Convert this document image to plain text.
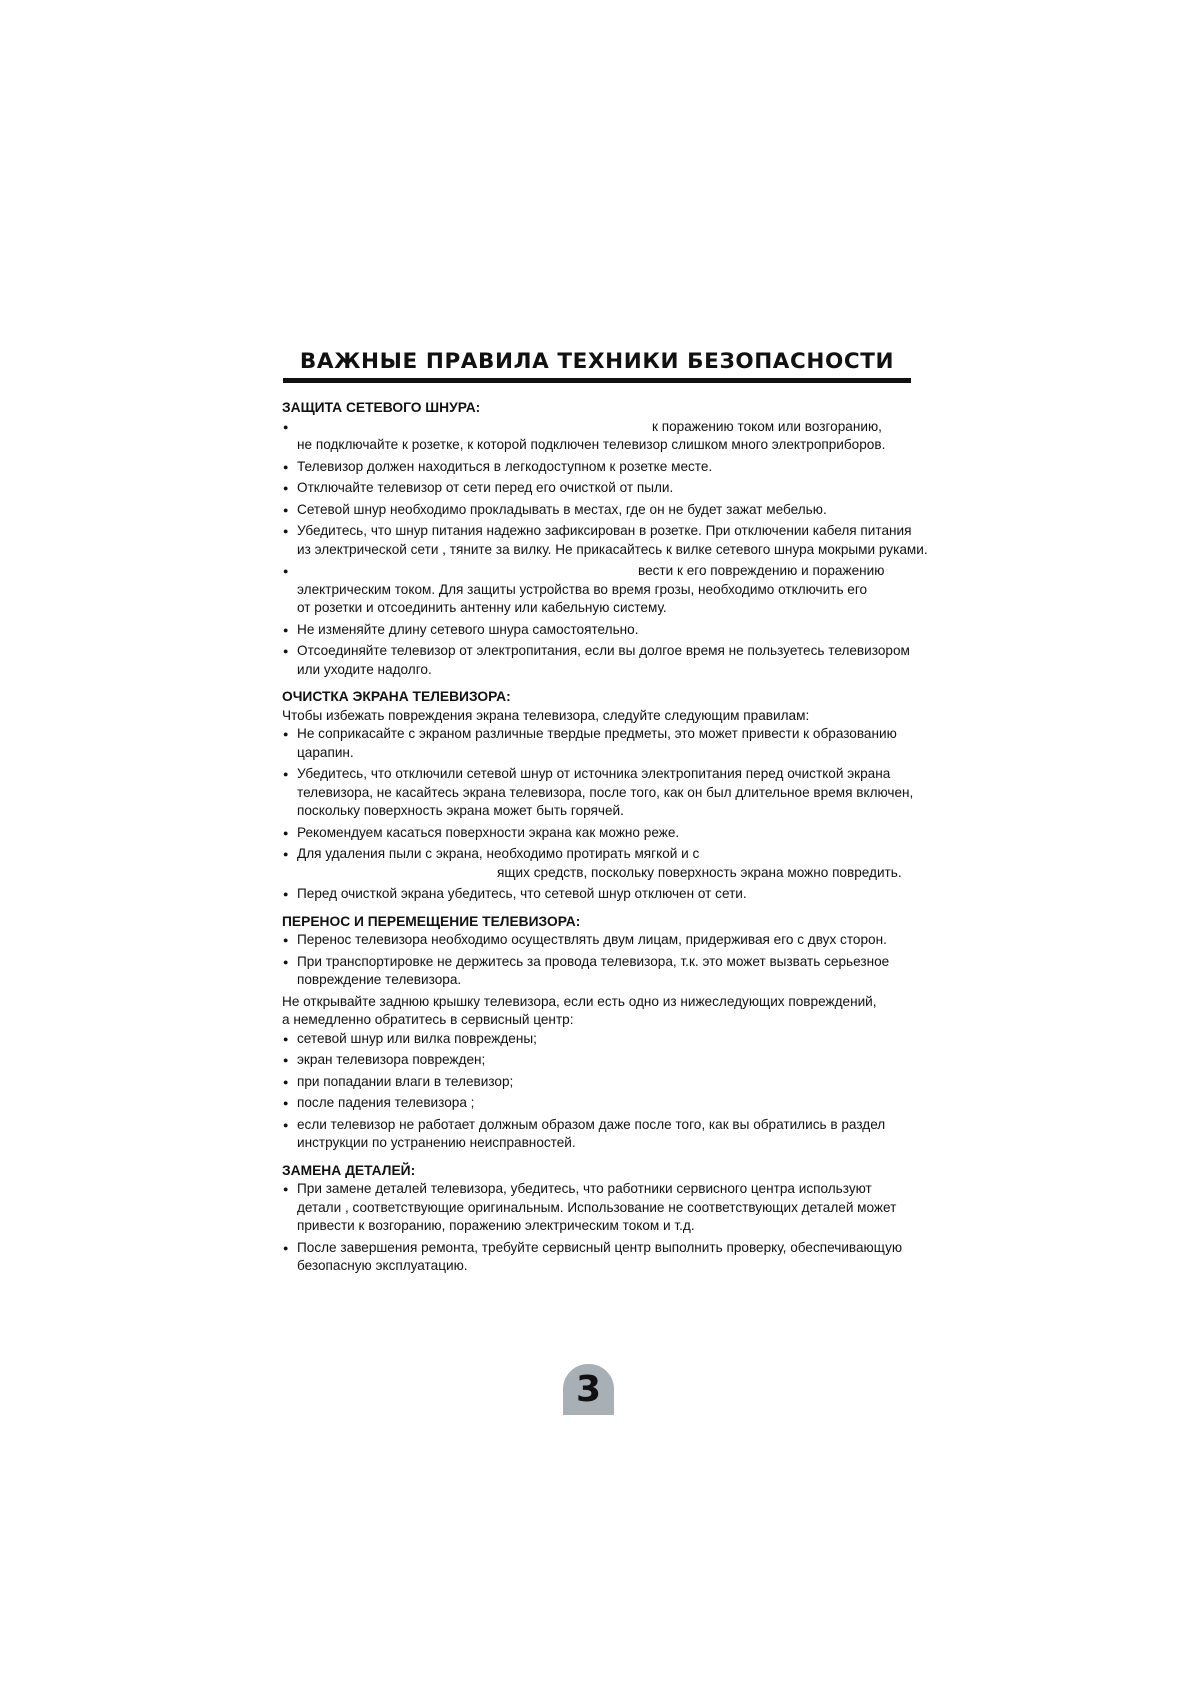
ВАЖНЫЕ ПРАВИЛА ТЕХНИКИ БЕЗОПАСНОСТИ

ЗАЩИТА СЕТЕВОГО ШНУРА:

● к поражению током или возгоранию,
не подключайте к розетке, к которой подключен телевизор слишком много электроприборов.
● Телевизор должен находиться в легкодоступном к розетке месте.
● Отключайте телевизор от сети перед его очисткой от пыли.
● Сетевой шнур необходимо прокладывать в местах, где он не будет зажат мебелью.
● Убедитесь, что шнур питания надежно зафиксирован в розетке. При отключении кабеля питания
из электрической сети , тяните за вилку. Не прикасайтесь к вилке сетевого шнура мокрыми руками.
● вести к его повреждению и поражению
электрическим током. Для защиты устройства во время грозы, необходимо отключить его
от розетки и отсоединить антенну или кабельную систему.
● Не изменяйте длину сетевого шнура самостоятельно.
● Отсоединяйте телевизор от электропитания, если вы долгое время не пользуетесь телевизором
или уходите надолго.

ОЧИСТКА ЭКРАНА ТЕЛЕВИЗОРА:

Чтобы избежать повреждения экрана телевизора, следуйте следующим правилам:

● Не соприкасайте с экраном различные твердые предметы, это может привести к образованию
царапин.
● Убедитесь, что отключили сетевой шнур от источника электропитания перед очисткой экрана
телевизора, не касайтесь экрана телевизора, после того, как он был длительное время включен,
поскольку поверхность экрана может быть горячей.
● Рекомендуем касаться поверхности экрана как можно реже.
● Для удаления пыли с экрана, необходимо протирать мягкой и с
ящих средств, поскольку поверхность экрана можно повредить.
● Перед очисткой экрана убедитесь, что сетевой шнур отключен от сети.

ПЕРЕНОС И ПЕРЕМЕЩЕНИЕ ТЕЛЕВИЗОРА:

● Перенос телевизора необходимо осуществлять двум лицам, придерживая его с двух сторон.
● При транспортировке не держитесь за провода телевизора, т.к. это может вызвать серьезное
повреждение телевизора.

Не открывайте заднюю крышку телевизора, если есть одно из нижеследующих повреждений,
а немедленно обратитесь в сервисный центр:

● сетевой шнур или вилка повреждены;
● экран телевизора поврежден;
● при попадании влаги в телевизор;
● после падения телевизора ;
● если телевизор не работает должным образом даже после того, как вы обратились в раздел
инструкции по устранению неисправностей.

ЗАМЕНА ДЕТАЛЕЙ:

● При замене деталей телевизора, убедитесь, что работники сервисного центра используют
детали , соответствующие оригинальным. Использование не соответствующих деталей может
привести к возгоранию, поражению электрическим током и т.д.
● После завершения ремонта, требуйте сервисный центр выполнить проверку, обеспечивающую
безопасную эксплуатацию.
3
